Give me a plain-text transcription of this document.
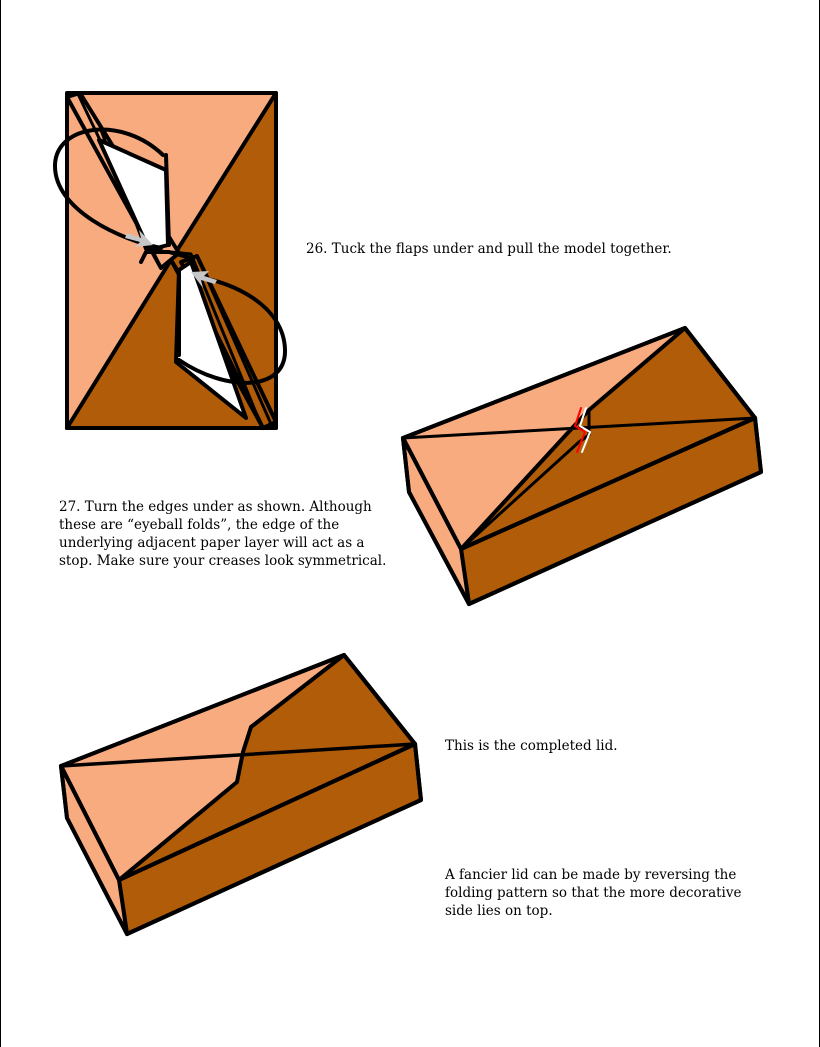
26. Tuck the flaps under and pull the model together.

27. Turn the edges under as shown. Although these are “eyeball folds”, the edge of the underlying adjacent paper layer will act as a stop. Make sure your creases look symmetrical.

This is the completed lid.

A fancier lid can be made by reversing the folding pattern so that the more decorative side lies on top.
